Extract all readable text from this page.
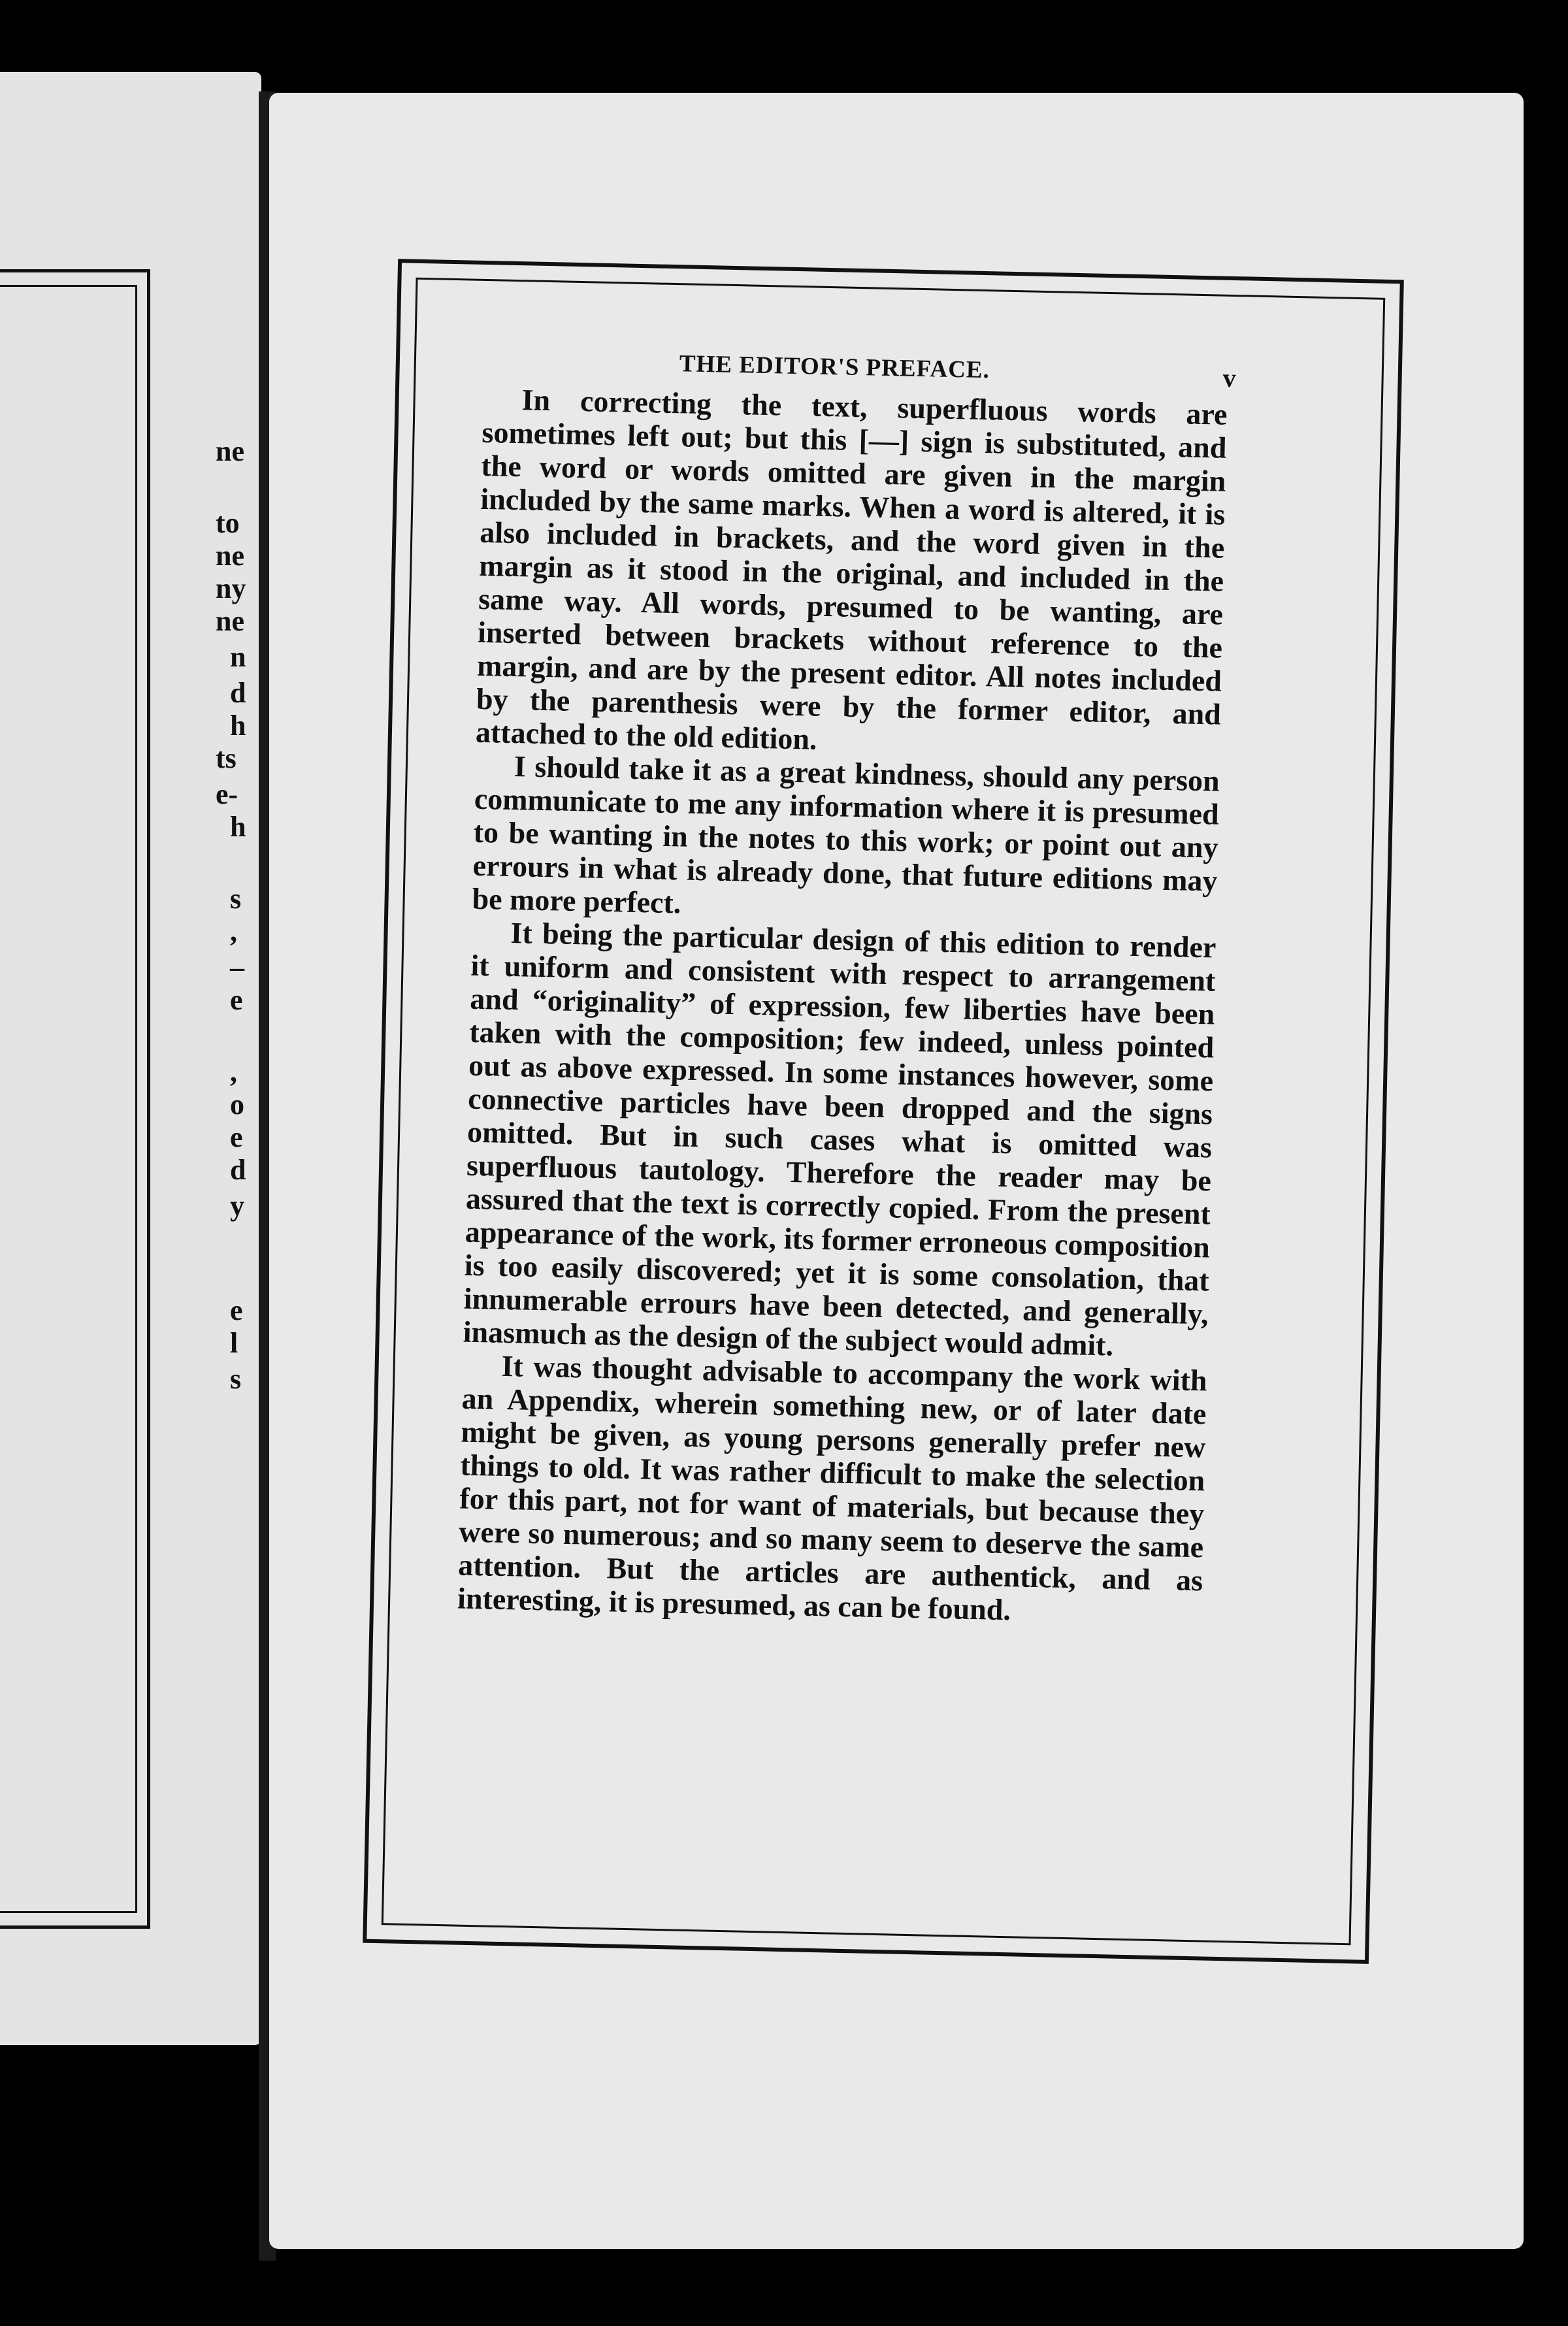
ne
to
ne
ny
ne
n
d
h
ts
e-
h
s
,
–
e
,
o
e
d
y
e
l
s
THE EDITOR'S PREFACE.	v

In correcting the text, superfluous words are sometimes left out; but this [—] sign is substituted, and the word or words omitted are given in the margin included by the same marks. When a word is altered, it is also included in brackets, and the word given in the margin as it stood in the original, and included in the same way. All words, presumed to be wanting, are inserted between brackets without reference to the margin, and are by the present editor. All notes included by the parenthesis were by the former editor, and attached to the old edition.

I should take it as a great kindness, should any person communicate to me any information where it is presumed to be wanting in the notes to this work; or point out any errours in what is already done, that future editions may be more perfect.

It being the particular design of this edition to render it uniform and consistent with respect to arrangement and “originality” of expression, few liberties have been taken with the composition; few indeed, unless pointed out as above expressed. In some instances however, some connective particles have been dropped and the signs omitted. But in such cases what is omitted was superfluous tautology. Therefore the reader may be assured that the text is correctly copied. From the present appearance of the work, its former erroneous composition is too easily discovered; yet it is some consolation, that innumerable errours have been detected, and generally, inasmuch as the design of the subject would admit.

It was thought advisable to accompany the work with an Appendix, wherein something new, or of later date might be given, as young persons generally prefer new things to old. It was rather difficult to make the selection for this part, not for want of materials, but because they were so numerous; and so many seem to deserve the same attention. But the articles are authentick, and as interesting, it is presumed, as can be found.
